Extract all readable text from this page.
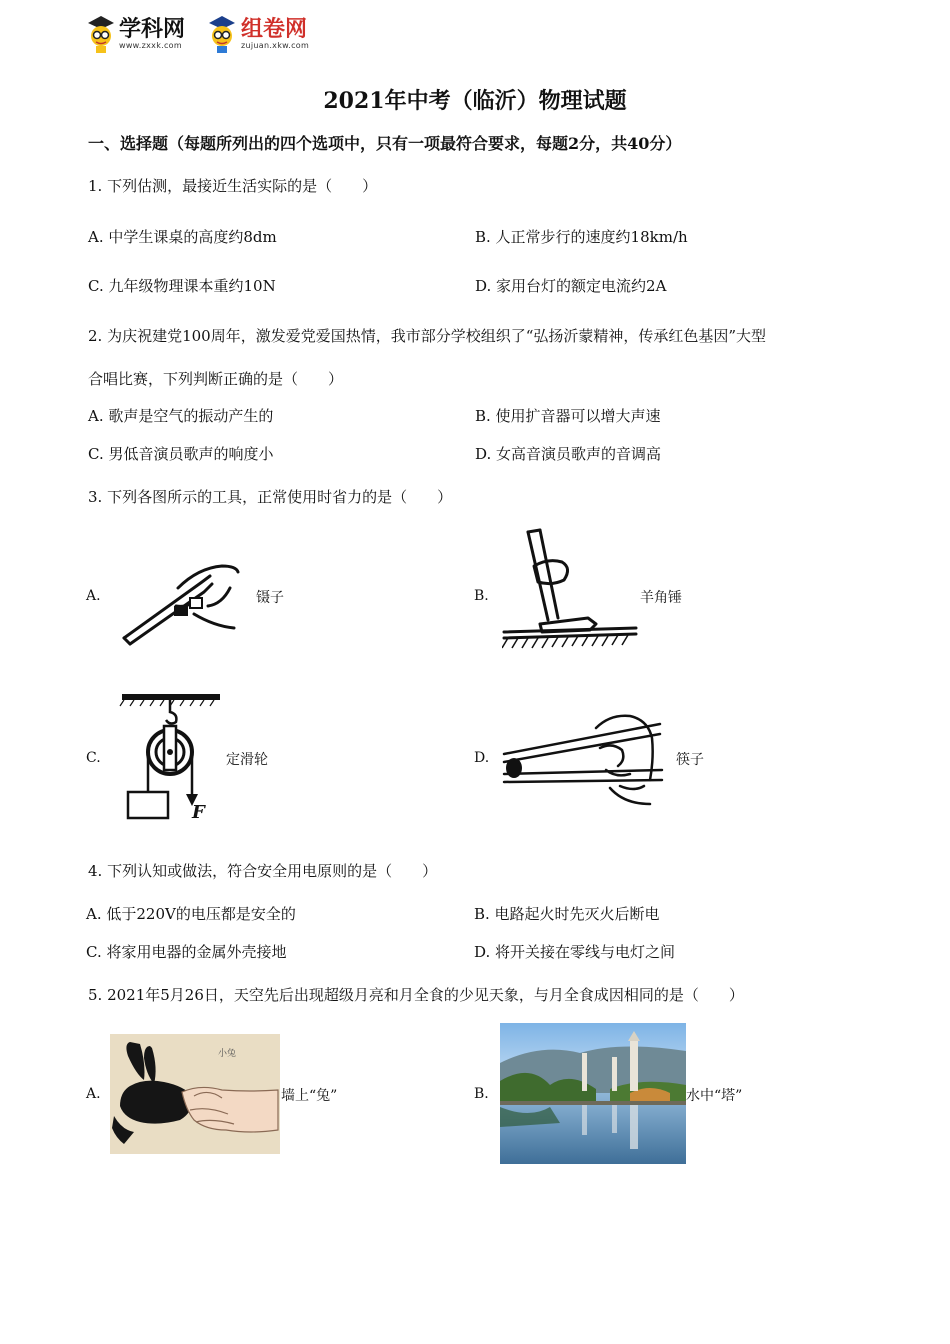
学科网
www.zxxk.com
组卷网
zujuan.xkw.com
2021年中考（临沂）物理试题
一、选择题（每题所列出的四个选项中，只有一项最符合要求，每题2分，共40分）
1. 下列估测，最接近生活实际的是（　　）
A. 中学生课桌的高度约8dm	B. 人正常步行的速度约18km/h
C. 九年级物理课本重约10N	D. 家用台灯的额定电流约2A
2. 为庆祝建党100周年，激发爱党爱国热情，我市部分学校组织了“弘扬沂蒙精神，传承红色基因”大型
合唱比赛，下列判断正确的是（　　）
A. 歌声是空气的振动产生的	B. 使用扩音器可以增大声速
C. 男低音演员歌声的响度小	D. 女高音演员歌声的音调高
3. 下列各图所示的工具，正常使用时省力的是（　　）
A.	镊子	B.	羊角锤
C.
F
定滑轮	D.	筷子
4. 下列认知或做法，符合安全用电原则的是（　　）
A. 低于220V的电压都是安全的	B. 电路起火时先灭火后断电
C. 将家用电器的金属外壳接地	D. 将开关接在零线与电灯之间
5. 2021年5月26日，天空先后出现超级月亮和月全食的少见天象，与月全食成因相同的是（　　）
A.
小兔
墙上“兔”	B.	水中“塔”
